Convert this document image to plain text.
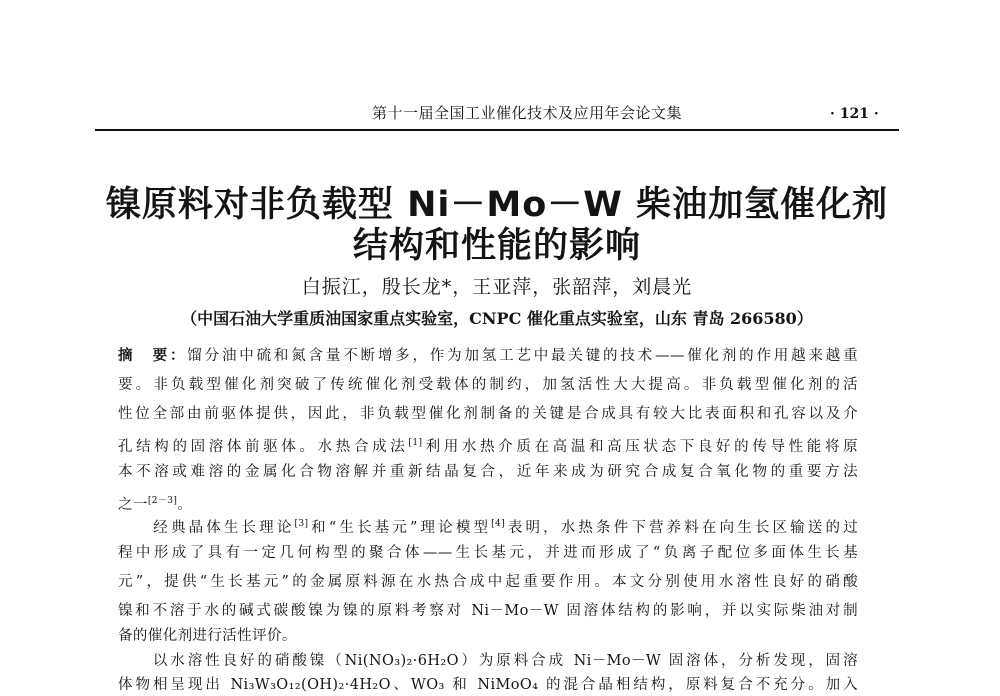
第十一届全国工业催化技术及应用年会论文集	· 121 ·
镍原料对非负载型 Ni－Mo－W 柴油加氢催化剂
结构和性能的影响
白振江，殷长龙*，王亚萍，张韶萍，刘晨光
（中国石油大学重质油国家重点实验室，CNPC 催化重点实验室，山东 青岛 266580）
摘　要：馏分油中硫和氮含量不断增多，作为加氢工艺中最关键的技术——催化剂的作用越来越重
要。非负载型催化剂突破了传统催化剂受载体的制约，加氢活性大大提高。非负载型催化剂的活
性位全部由前驱体提供，因此，非负载型催化剂制备的关键是合成具有较大比表面积和孔容以及介
孔结构的固溶体前驱体。水热合成法[1]利用水热介质在高温和高压状态下良好的传导性能将原
本不溶或难溶的金属化合物溶解并重新结晶复合，近年来成为研究合成复合氧化物的重要方法
之一[2－3]。
　　经典晶体生长理论[3]和“生长基元”理论模型[4]表明，水热条件下营养料在向生长区输送的过
程中形成了具有一定几何构型的聚合体——生长基元，并进而形成了“负离子配位多面体生长基
元”，提供“生长基元”的金属原料源在水热合成中起重要作用。本文分别使用水溶性良好的硝酸
镍和不溶于水的碱式碳酸镍为镍的原料考察对 Ni－Mo－W 固溶体结构的影响，并以实际柴油对制
备的催化剂进行活性评价。
　　以水溶性良好的硝酸镍（Ni(NO₃)₂·6H₂O）为原料合成 Ni－Mo－W 固溶体，分析发现，固溶
体物相呈现出 Ni₃W₃O₁₂(OH)₂·4H₂O、WO₃ 和 NiMoO₄ 的混合晶相结构，原料复合不充分。加入
